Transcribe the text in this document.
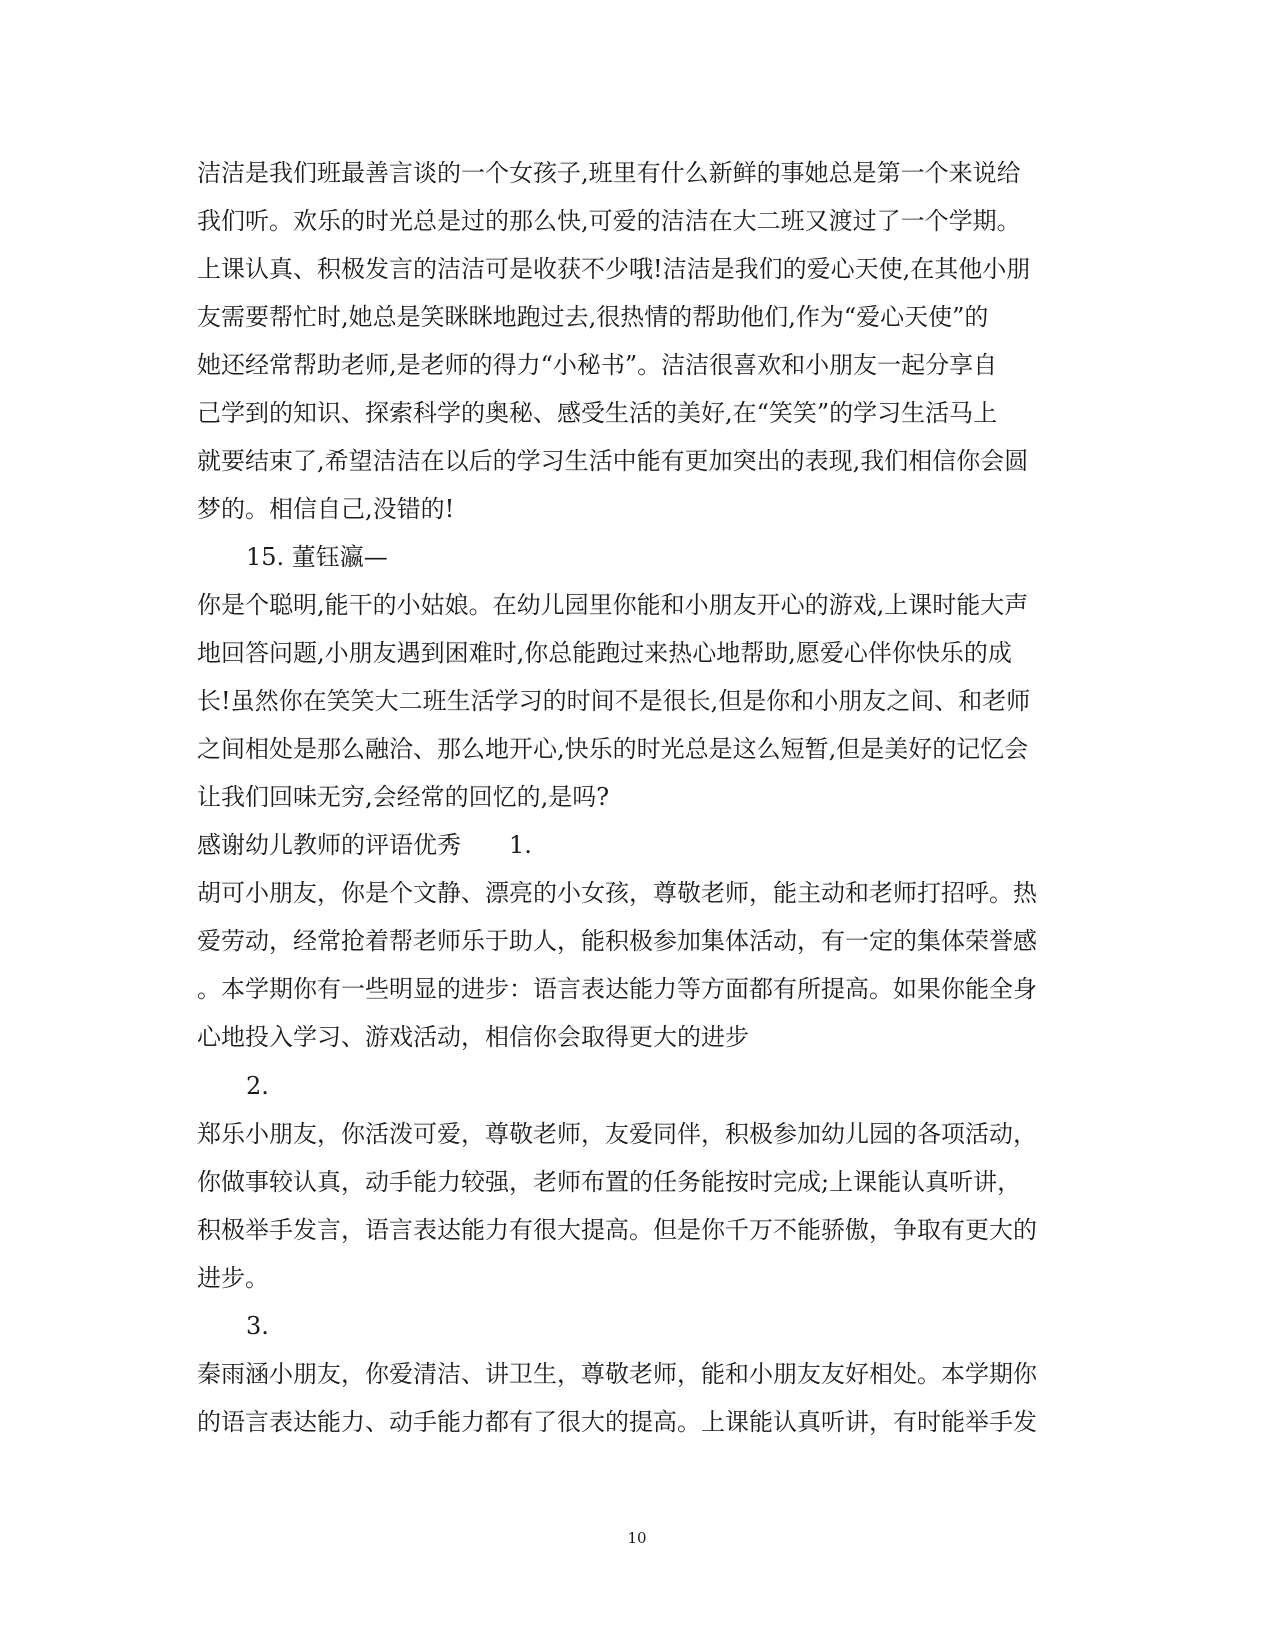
洁洁是我们班最善言谈的一个女孩子,班里有什么新鲜的事她总是第一个来说给
我们听。欢乐的时光总是过的那么快,可爱的洁洁在大二班又渡过了一个学期。
上课认真、积极发言的洁洁可是收获不少哦!洁洁是我们的爱心天使,在其他小朋
友需要帮忙时,她总是笑眯眯地跑过去,很热情的帮助他们,作为“爱心天使”的
她还经常帮助老师,是老师的得力“小秘书”。洁洁很喜欢和小朋友一起分享自
己学到的知识、探索科学的奥秘、感受生活的美好,在“笑笑”的学习生活马上
就要结束了,希望洁洁在以后的学习生活中能有更加突出的表现,我们相信你会圆
梦的。相信自己,没错的!
15. 董钰瀛—
你是个聪明,能干的小姑娘。在幼儿园里你能和小朋友开心的游戏,上课时能大声
地回答问题,小朋友遇到困难时,你总能跑过来热心地帮助,愿爱心伴你快乐的成
长!虽然你在笑笑大二班生活学习的时间不是很长,但是你和小朋友之间、和老师
之间相处是那么融洽、那么地开心,快乐的时光总是这么短暂,但是美好的记忆会
让我们回味无穷,会经常的回忆的,是吗?
感谢幼儿教师的评语优秀　　1.
胡可小朋友，你是个文静、漂亮的小女孩，尊敬老师，能主动和老师打招呼。热
爱劳动，经常抢着帮老师乐于助人，能积极参加集体活动，有一定的集体荣誉感
。本学期你有一些明显的进步：语言表达能力等方面都有所提高。如果你能全身
心地投入学习、游戏活动，相信你会取得更大的进步
2.
郑乐小朋友，你活泼可爱，尊敬老师，友爱同伴，积极参加幼儿园的各项活动，
你做事较认真，动手能力较强，老师布置的任务能按时完成;上课能认真听讲，
积极举手发言，语言表达能力有很大提高。但是你千万不能骄傲，争取有更大的
进步。
3.
秦雨涵小朋友，你爱清洁、讲卫生，尊敬老师，能和小朋友友好相处。本学期你
的语言表达能力、动手能力都有了很大的提高。上课能认真听讲，有时能举手发
10
